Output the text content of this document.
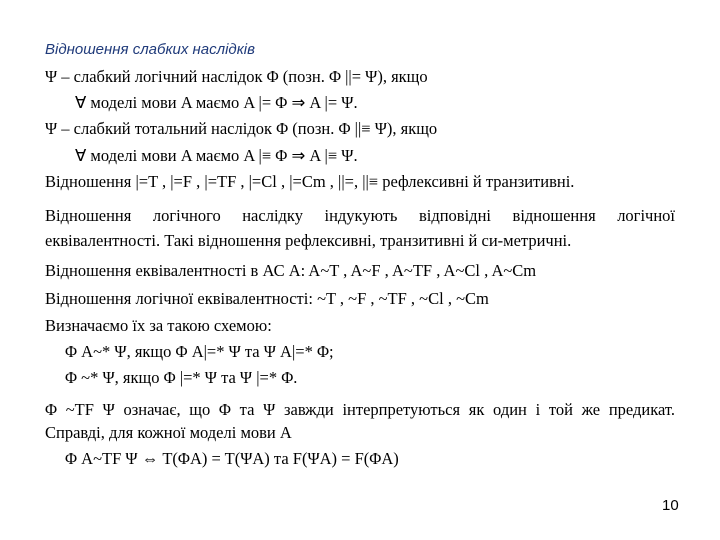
Відношення слабких наслідків
Ψ – слабкий логічний наслідок Φ (позн. Φ ||= Ψ), якщо
∀ моделі мови A маємо A |= Φ ⇒ A |= Ψ.
Ψ – слабкий тотальний наслідок Φ (позн. Φ ||≡ Ψ), якщо
∀ моделі мови A маємо A |≡ Φ ⇒ A |≡ Ψ.
Відношення |=T , |=F , |=TF , |=Cl , |=Cm , ||=, ||≡ рефлексивні й транзитивні.
Відношення логічного наслідку індукують відповідні відношення логічної
еквівалентності. Такі відношення рефлексивні, транзитивні й си-метричні.
Відношення еквівалентності в АС A: A~T , A~F , A~TF , A~Cl , A~Cm
Відношення логічної еквівалентності: ~T , ~F , ~TF , ~Cl , ~Cm
Визначаємо їх за такою схемою:
Φ A~* Ψ, якщо Φ A|=* Ψ та Ψ A|=* Φ;
Φ ~* Ψ, якщо Φ |=* Ψ та Ψ |=* Φ.
Φ ~TF Ψ означає, що Φ та Ψ завжди інтерпретуються як один і той же предикат.
Справді, для кожної моделі мови A
Φ A~TF Ψ ⇔ T(ΦA) = T(ΨA) та F(ΨA) = F(ΦA)
10
